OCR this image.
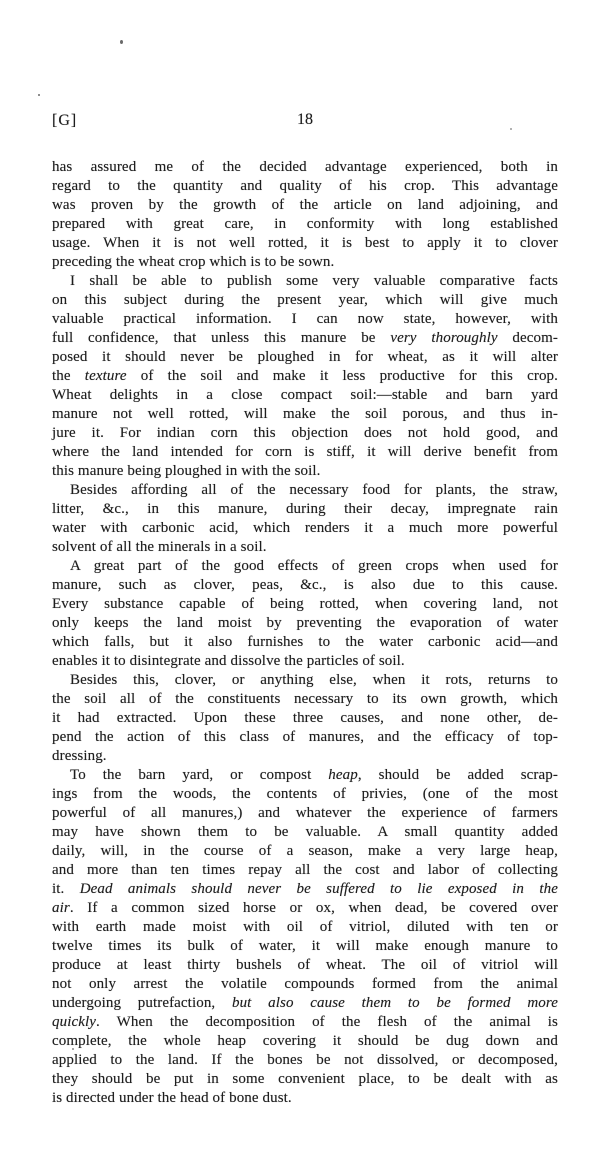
[G]	18
has assured me of the decided advantage experienced, both in
regard to the quantity and quality of his crop. This advantage
was proven by the growth of the article on land adjoining, and
prepared with great care, in conformity with long established
usage. When it is not well rotted, it is best to apply it to clover
preceding the wheat crop which is to be sown.
I shall be able to publish some very valuable comparative facts
on this subject during the present year, which will give much
valuable practical information. I can now state, however, with
full confidence, that unless this manure be very thoroughly decom-
posed it should never be ploughed in for wheat, as it will alter
the texture of the soil and make it less productive for this crop.
Wheat delights in a close compact soil:—stable and barn yard
manure not well rotted, will make the soil porous, and thus in-
jure it. For indian corn this objection does not hold good, and
where the land intended for corn is stiff, it will derive benefit from
this manure being ploughed in with the soil.
Besides affording all of the necessary food for plants, the straw,
litter, &c., in this manure, during their decay, impregnate rain
water with carbonic acid, which renders it a much more powerful
solvent of all the minerals in a soil.
A great part of the good effects of green crops when used for
manure, such as clover, peas, &c., is also due to this cause.
Every substance capable of being rotted, when covering land, not
only keeps the land moist by preventing the evaporation of water
which falls, but it also furnishes to the water carbonic acid—and
enables it to disintegrate and dissolve the particles of soil.
Besides this, clover, or anything else, when it rots, returns to
the soil all of the constituents necessary to its own growth, which
it had extracted. Upon these three causes, and none other, de-
pend the action of this class of manures, and the efficacy of top-
dressing.
To the barn yard, or compost heap, should be added scrap-
ings from the woods, the contents of privies, (one of the most
powerful of all manures,) and whatever the experience of farmers
may have shown them to be valuable. A small quantity added
daily, will, in the course of a season, make a very large heap,
and more than ten times repay all the cost and labor of collecting
it. Dead animals should never be suffered to lie exposed in the
air. If a common sized horse or ox, when dead, be covered over
with earth made moist with oil of vitriol, diluted with ten or
twelve times its bulk of water, it will make enough manure to
produce at least thirty bushels of wheat. The oil of vitriol will
not only arrest the volatile compounds formed from the animal
undergoing putrefaction, but also cause them to be formed more
quickly. When the decomposition of the flesh of the animal is
complete, the whole heap covering it should be dug down and
applied to the land. If the bones be not dissolved, or decomposed,
they should be put in some convenient place, to be dealt with as
is directed under the head of bone dust.
